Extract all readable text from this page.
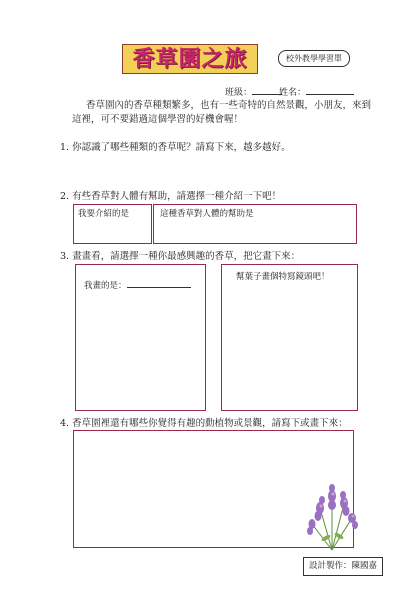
香草園之旅	校外教學學習單
班級：	姓名：
香草園內的香草種類繁多，也有一些奇特的自然景觀，小朋友，來到這裡，可不要錯過這個學習的好機會喔！
1. 你認識了哪些種類的香草呢？請寫下來，越多越好。
2. 有些香草對人體有幫助，請選擇一種介紹一下吧！
我要介紹的是	這種香草對人體的幫助是
3. 畫畫看，請選擇一種你最感興趣的香草，把它畫下來：
我畫的是：
幫葉子畫個特寫鏡頭吧！
4. 香草園裡還有哪些你覺得有趣的動植物或景觀，請寫下或畫下來：
設計製作：陳國嘉
